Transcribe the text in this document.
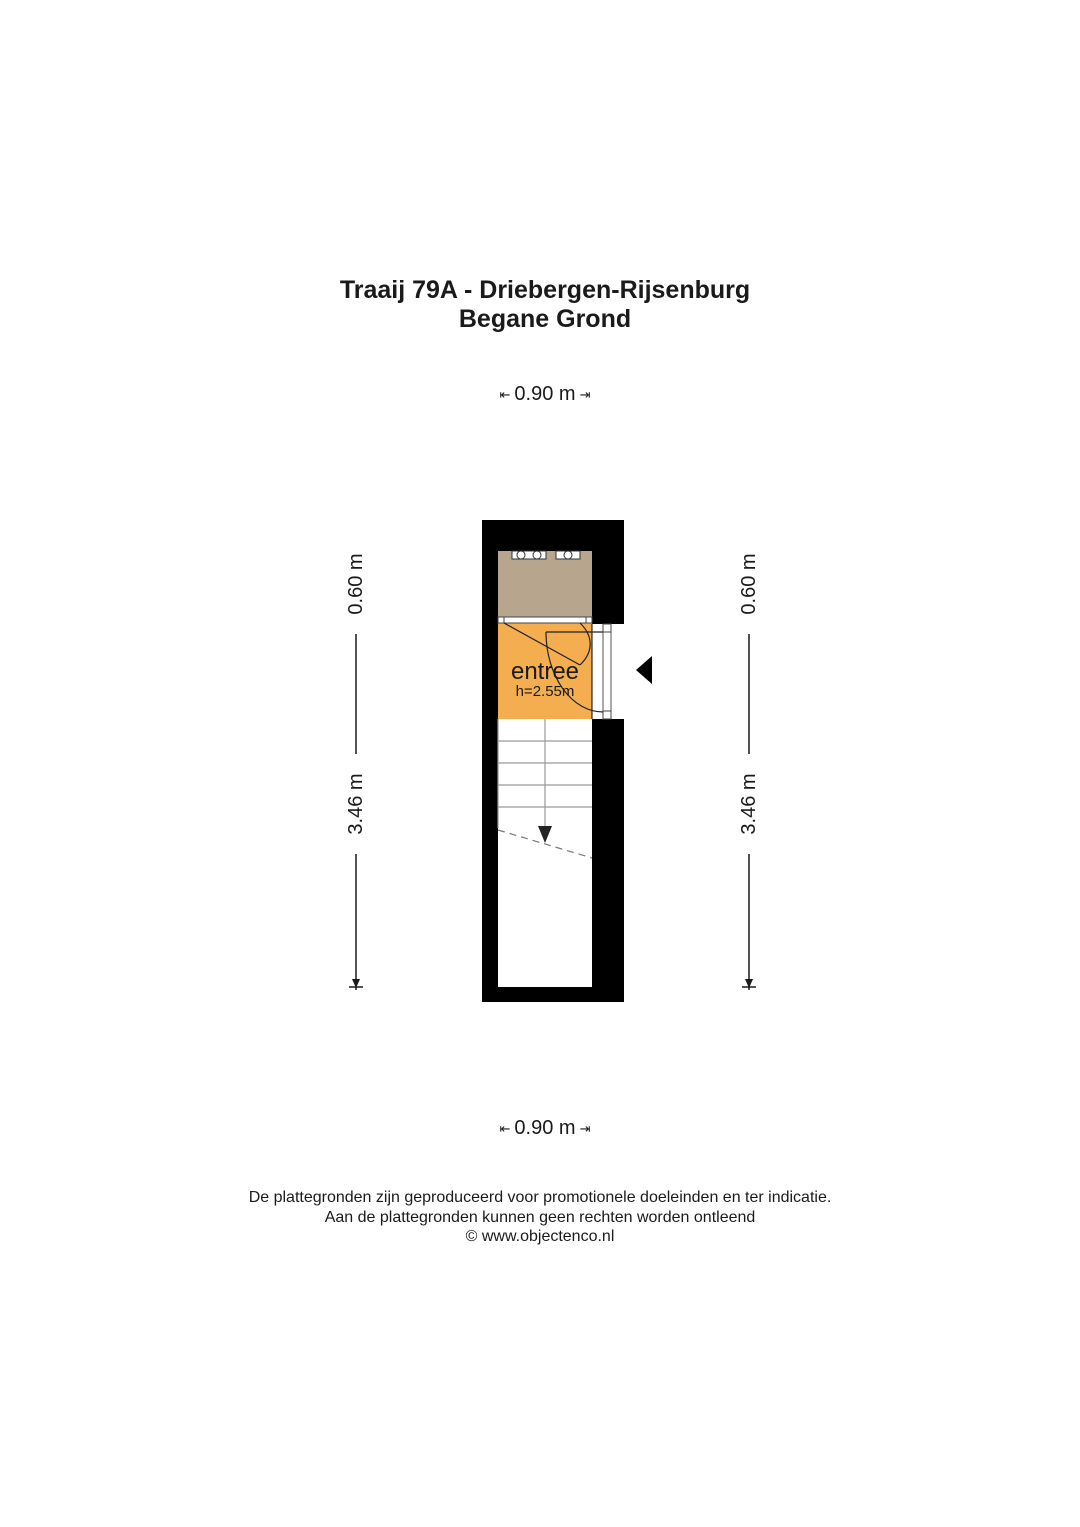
Traaij 79A - Driebergen-Rijsenburg
Begane Grond
⇤ 0.90 m ⇥
0.60 m
3.46 m
0.60 m
3.46 m
entree
h=2.55m
⇤ 0.90 m ⇥
De plattegronden zijn geproduceerd voor promotionele doeleinden en ter indicatie.
Aan de plattegronden kunnen geen rechten worden ontleend
© www.objectenco.nl
